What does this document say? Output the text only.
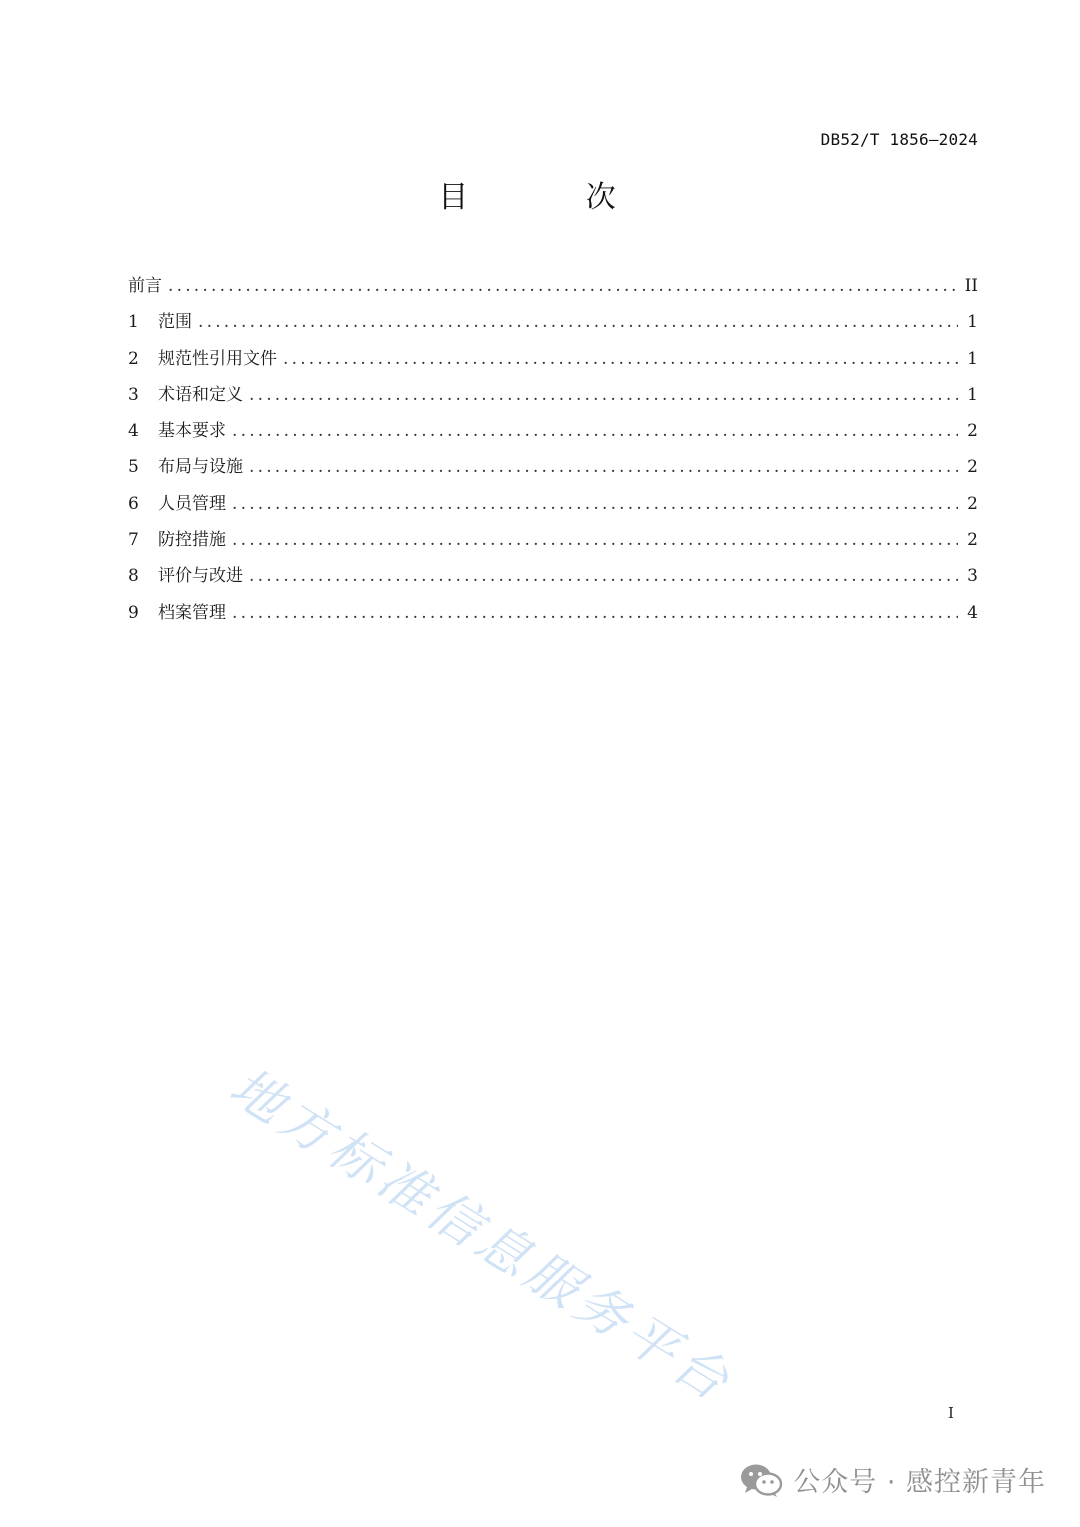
DB52/T 1856—2024
目 次
前言 .....	II
1	范围 .....	1
2	规范性引用文件 .....	1
3	术语和定义 .....	1
4	基本要求 .....	2
5	布局与设施 .....	2
6	人员管理 .....	2
7	防控措施 .....	2
8	评价与改进 .....	3
9	档案管理 .....	4
地方标准信息服务平台	I
公众号 · 感控新青年
